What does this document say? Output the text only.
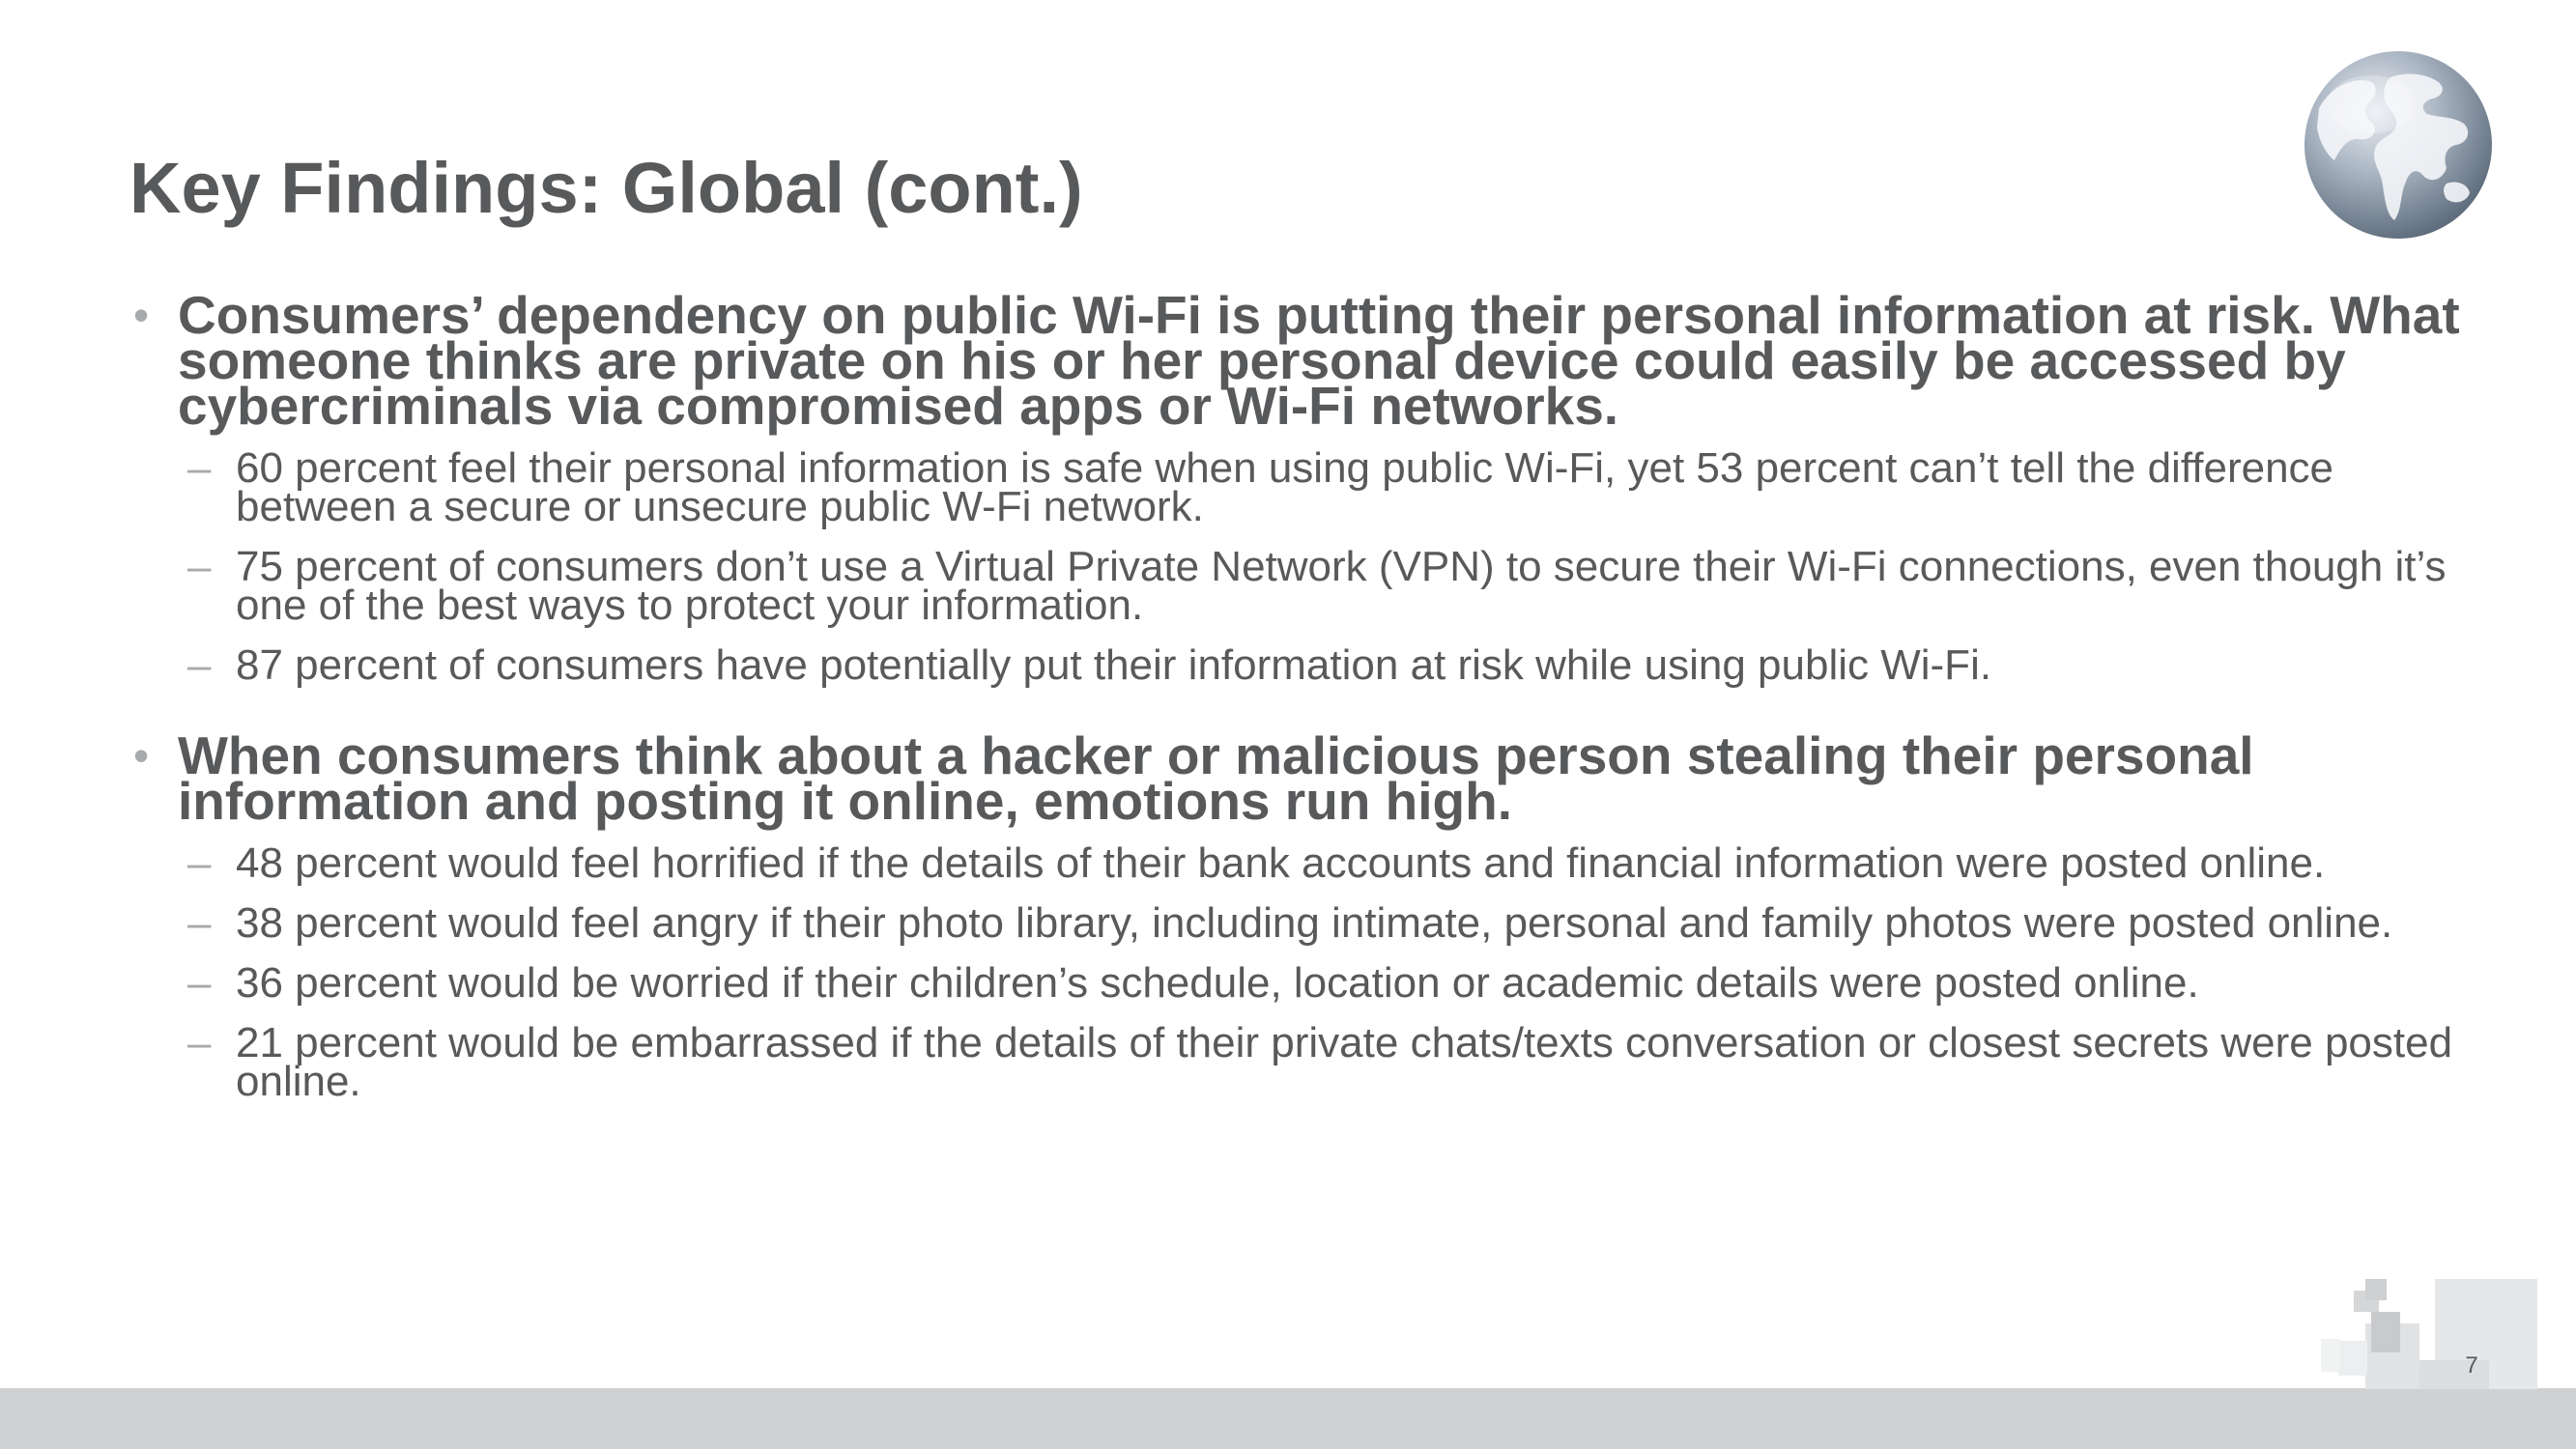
Key Findings: Global (cont.)
• Consumers’ dependency on public Wi-Fi is putting their personal information at risk. What someone thinks are private on his or her personal device could easily be accessed by cybercriminals via compromised apps or Wi-Fi networks.
– 60 percent feel their personal information is safe when using public Wi-Fi, yet 53 percent can’t tell the difference between a secure or unsecure public W-Fi network.
– 75 percent of consumers don’t use a Virtual Private Network (VPN) to secure their Wi-Fi connections, even though it’s one of the best ways to protect your information.
– 87 percent of consumers have potentially put their information at risk while using public Wi-Fi.
• When consumers think about a hacker or malicious person stealing their personal information and posting it online, emotions run high.
– 48 percent would feel horrified if the details of their bank accounts and financial information were posted online.
– 38 percent would feel angry if their photo library, including intimate, personal and family photos were posted online.
– 36 percent would be worried if their children’s schedule, location or academic details were posted online.
– 21 percent would be embarrassed if the details of their private chats/texts conversation or closest secrets were posted online.
7
